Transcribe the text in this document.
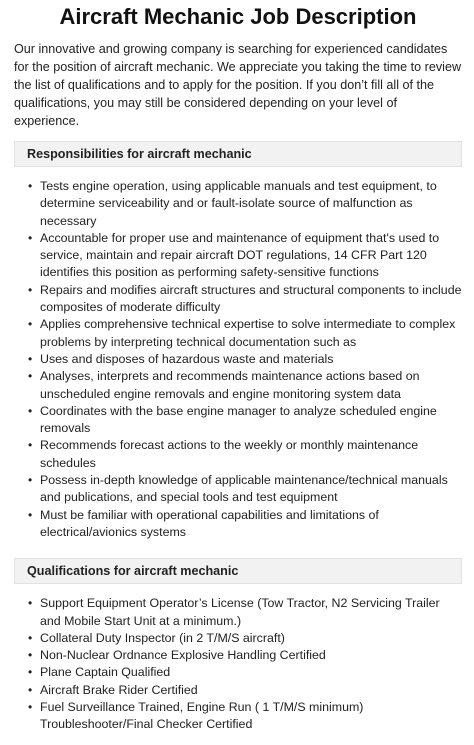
Aircraft Mechanic Job Description

Our innovative and growing company is searching for experienced candidates for the position of aircraft mechanic. We appreciate you taking the time to review the list of qualifications and to apply for the position. If you don’t fill all of the qualifications, you may still be considered depending on your level of experience.

Responsibilities for aircraft mechanic
• Tests engine operation, using applicable manuals and test equipment, to determine serviceability and or fault-isolate source of malfunction as necessary
• Accountable for proper use and maintenance of equipment that's used to service, maintain and repair aircraft DOT regulations, 14 CFR Part 120 identifies this position as performing safety-sensitive functions
• Repairs and modifies aircraft structures and structural components to include composites of moderate difficulty
• Applies comprehensive technical expertise to solve intermediate to complex problems by interpreting technical documentation such as
• Uses and disposes of hazardous waste and materials
• Analyses, interprets and recommends maintenance actions based on unscheduled engine removals and engine monitoring system data
• Coordinates with the base engine manager to analyze scheduled engine removals
• Recommends forecast actions to the weekly or monthly maintenance schedules
• Possess in-depth knowledge of applicable maintenance/technical manuals and publications, and special tools and test equipment
• Must be familiar with operational capabilities and limitations of electrical/avionics systems
Qualifications for aircraft mechanic
• Support Equipment Operator’s License (Tow Tractor, N2 Servicing Trailer and Mobile Start Unit at a minimum.)
• Collateral Duty Inspector (in 2 T/M/S aircraft)
• Non-Nuclear Ordnance Explosive Handling Certified
• Plane Captain Qualified
• Aircraft Brake Rider Certified
• Fuel Surveillance Trained, Engine Run ( 1 T/M/S minimum) Troubleshooter/Final Checker Certified
